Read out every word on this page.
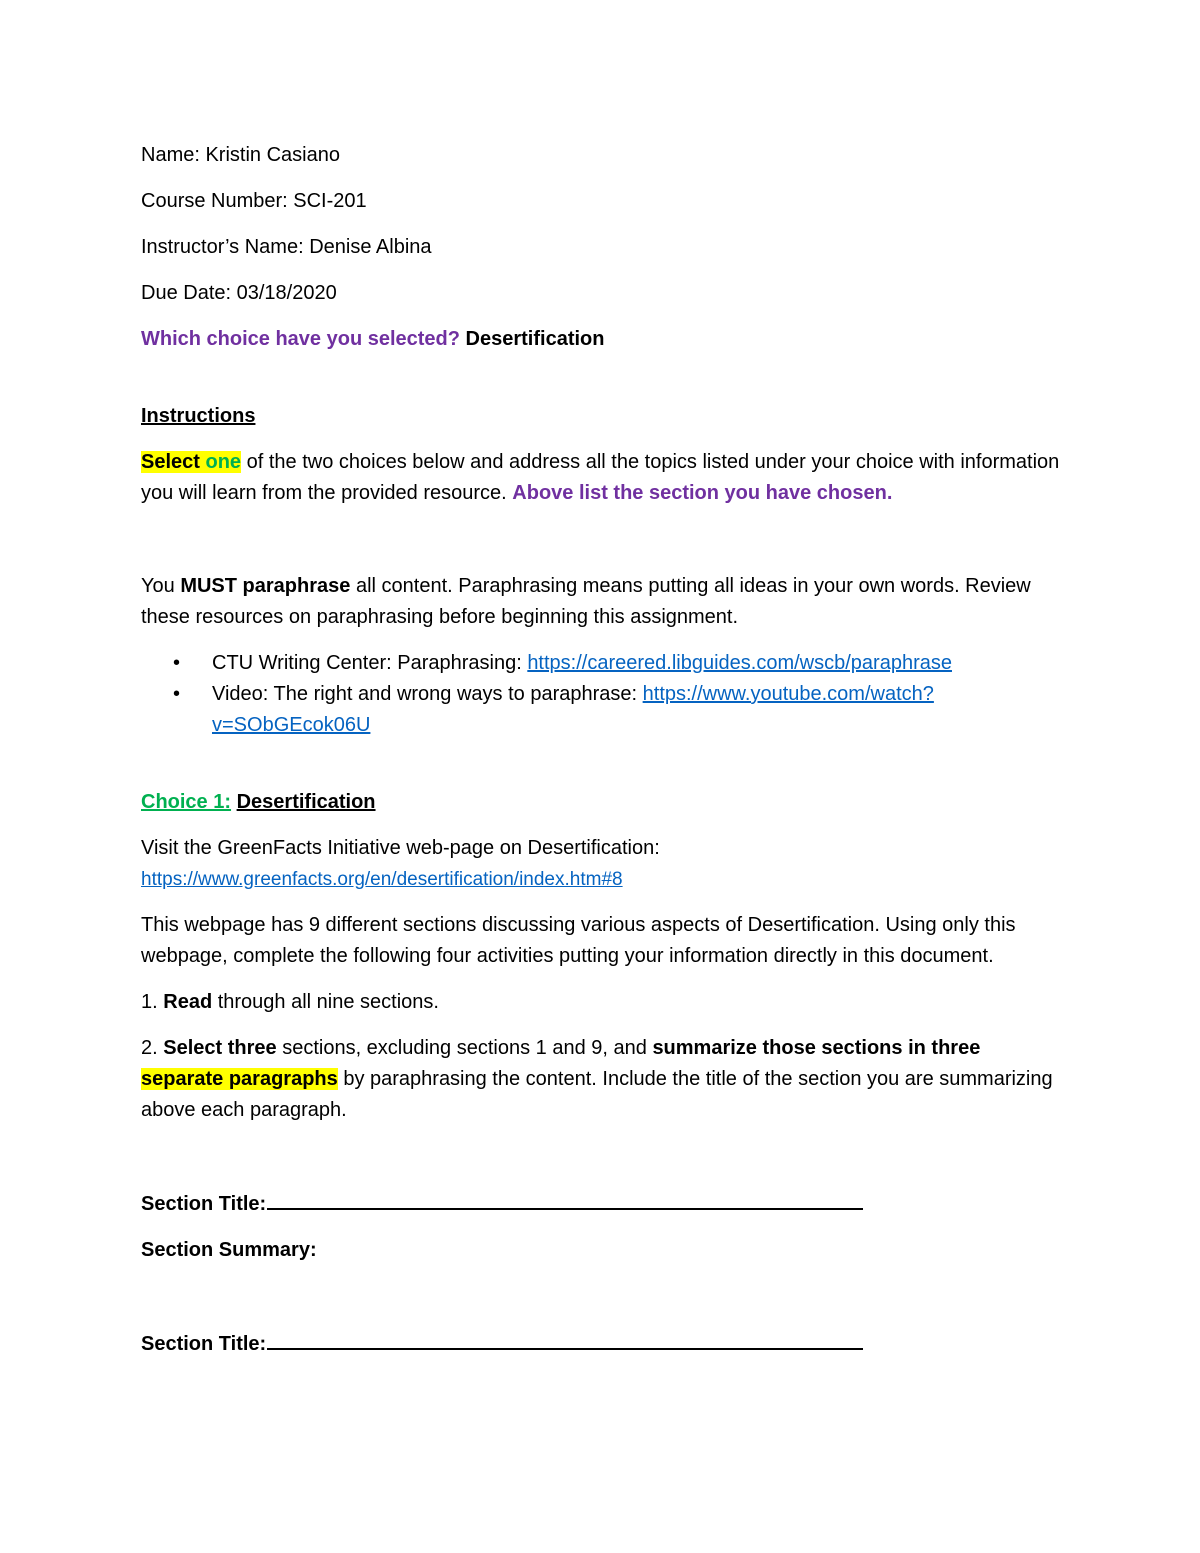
Name: Kristin Casiano

Course Number: SCI-201

Instructor’s Name: Denise Albina

Due Date: 03/18/2020

Which choice have you selected? Desertification

Instructions

Select one of the two choices below and address all the topics listed under your choice with information you will learn from the provided resource. Above list the section you have chosen.

You MUST paraphrase all content. Paraphrasing means putting all ideas in your own words. Review these resources on paraphrasing before beginning this assignment.

• CTU Writing Center: Paraphrasing: https://careered.libguides.com/wscb/paraphrase
• Video: The right and wrong ways to paraphrase: https://www.youtube.com/watch?v=SObGEcok06U

Choice 1: Desertification

Visit the GreenFacts Initiative web-page on Desertification:
https://www.greenfacts.org/en/desertification/index.htm#8

This webpage has 9 different sections discussing various aspects of Desertification. Using only this webpage, complete the following four activities putting your information directly in this document.

1. Read through all nine sections.

2. Select three sections, excluding sections 1 and 9, and summarize those sections in three separate paragraphs by paraphrasing the content. Include the title of the section you are summarizing above each paragraph.

Section Title:

Section Summary:

Section Title:
